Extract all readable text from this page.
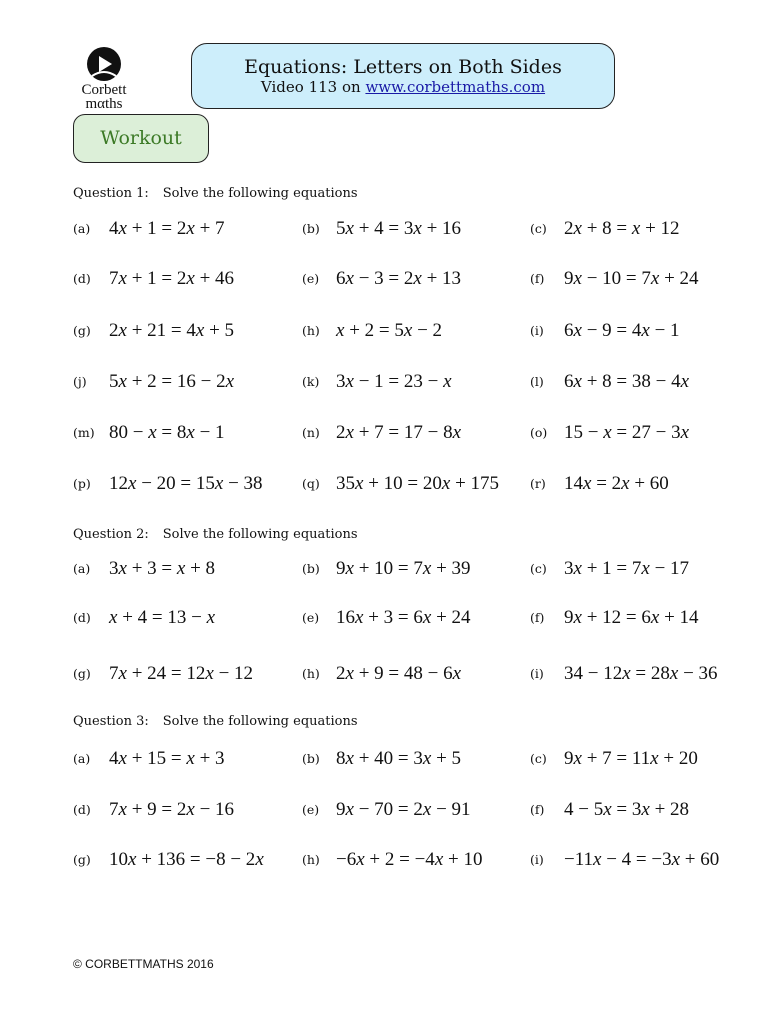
Corbett
mαths
Equations: Letters on Both Sides
Video 113 on www.corbettmaths.com
Workout
Question 1: Solve the following equations
(a) 4x + 1 = 2x + 7	(b) 5x + 4 = 3x + 16	(c) 2x + 8 = x + 12
(d) 7x + 1 = 2x + 46	(e) 6x − 3 = 2x + 13	(f) 9x − 10 = 7x + 24
(g) 2x + 21 = 4x + 5	(h) x + 2 = 5x − 2	(i) 6x − 9 = 4x − 1
(j) 5x + 2 = 16 − 2x	(k) 3x − 1 = 23 − x	(l) 6x + 8 = 38 − 4x
(m) 80 − x = 8x − 1	(n) 2x + 7 = 17 − 8x	(o) 15 − x = 27 − 3x
(p) 12x − 20 = 15x − 38	(q) 35x + 10 = 20x + 175 (r) 14x = 2x + 60
Question 2: Solve the following equations
(a) 3x + 3 = x + 8	(b) 9x + 10 = 7x + 39	(c) 3x + 1 = 7x − 17
(d) x + 4 = 13 − x	(e) 16x + 3 = 6x + 24	(f) 9x + 12 = 6x + 14
(g) 7x + 24 = 12x − 12	(h) 2x + 9 = 48 − 6x	(i) 34 − 12x = 28x − 36
Question 3: Solve the following equations
(a) 4x + 15 = x + 3	(b) 8x + 40 = 3x + 5	(c) 9x + 7 = 11x + 20
(d) 7x + 9 = 2x − 16	(e) 9x − 70 = 2x − 91	(f) 4 − 5x = 3x + 28
(g) 10x + 136 = −8 − 2x	(h) −6x + 2 = −4x + 10	(i) −11x − 4 = −3x + 60
© CORBETTMATHS 2016
